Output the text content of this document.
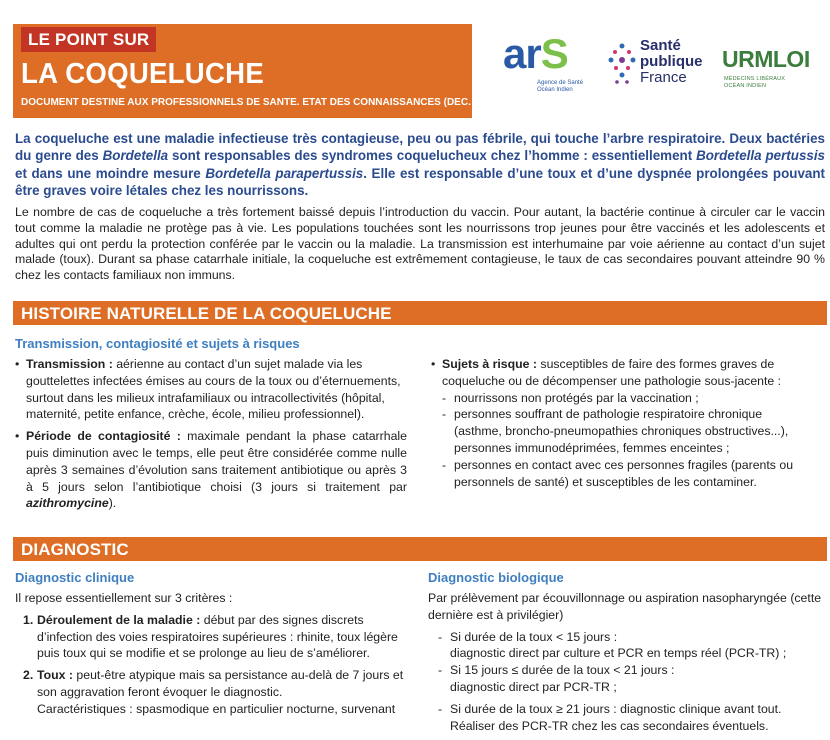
LE POINT SUR
LA COQUELUCHE
DOCUMENT DESTINE AUX PROFESSIONNELS DE SANTE. ETAT DES CONNAISSANCES (DEC. 2017)
arS
Agence de Santé
Océan Indien
Santé
publique
France
URMLOI
MÉDECINS LIBÉRAUX
OCÉAN INDIEN
La coqueluche est une maladie infectieuse très contagieuse, peu ou pas fébrile, qui touche l’arbre respiratoire. Deux bactéries du genre des Bordetella sont responsables des syndromes coquelucheux chez l’homme : essentiellement Bordetella pertussis et dans une moindre mesure Bordetella parapertussis. Elle est responsable d’une toux et d’une dyspnée prolongées pouvant être graves voire létales chez les nourrissons.
Le nombre de cas de coqueluche a très fortement baissé depuis l’introduction du vaccin. Pour autant, la bactérie continue à circuler car le vaccin tout comme la maladie ne protège pas à vie. Les populations touchées sont les nourrissons trop jeunes pour être vaccinés et les adolescents et adultes qui ont perdu la protection conférée par le vaccin ou la maladie. La transmission est interhumaine par voie aérienne au contact d’un sujet malade (toux). Durant sa phase catarrhale initiale, la coqueluche est extrêmement contagieuse, le taux de cas secondaires pouvant atteindre 90 % chez les contacts familiaux non immuns.
HISTOIRE NATURELLE DE LA COQUELUCHE
Transmission, contagiosité et sujets à risques
• Transmission : aérienne au contact d’un sujet malade via les gouttelettes infectées émises au cours de la toux ou d’éternuements, surtout dans les milieux intrafamiliaux ou intracollectivités (hôpital, maternité, petite enfance, crèche, école, milieu professionnel).
• Période de contagiosité : maximale pendant la phase catarrhale puis diminution avec le temps, elle peut être considérée comme nulle après 3 semaines d’évolution sans traitement antibiotique ou après 3 à 5 jours selon l’antibiotique choisi (3 jours si traitement par azithromycine).
• Sujets à risque : susceptibles de faire des formes graves de coqueluche ou de décompenser une pathologie sous-jacente :
- nourrissons non protégés par la vaccination ;
- personnes souffrant de pathologie respiratoire chronique (asthme, broncho-pneumopathies chroniques obstructives...), personnes immunodéprimées, femmes enceintes ;
- personnes en contact avec ces personnes fragiles (parents ou personnels de santé) et susceptibles de les contaminer.
DIAGNOSTIC
Diagnostic clinique

Il repose essentiellement sur 3 critères :

1. Déroulement de la maladie : début par des signes discrets d’infection des voies respiratoires supérieures : rhinite, toux légère puis toux qui se modifie et se prolonge au lieu de s’améliorer.
2. Toux : peut-être atypique mais sa persistance au-delà de 7 jours et son aggravation feront évoquer le diagnostic.
Caractéristiques : spasmodique en particulier nocturne, survenant
Diagnostic biologique

Par prélèvement par écouvillonnage ou aspiration nasopharyngée (cette dernière est à privilégier)

- Si durée de la toux < 15 jours :
diagnostic direct par culture et PCR en temps réel (PCR-TR) ;
- Si 15 jours ≤ durée de la toux < 21 jours :
diagnostic direct par PCR-TR ;
- Si durée de la toux ≥ 21 jours : diagnostic clinique avant tout.
Réaliser des PCR-TR chez les cas secondaires éventuels.
